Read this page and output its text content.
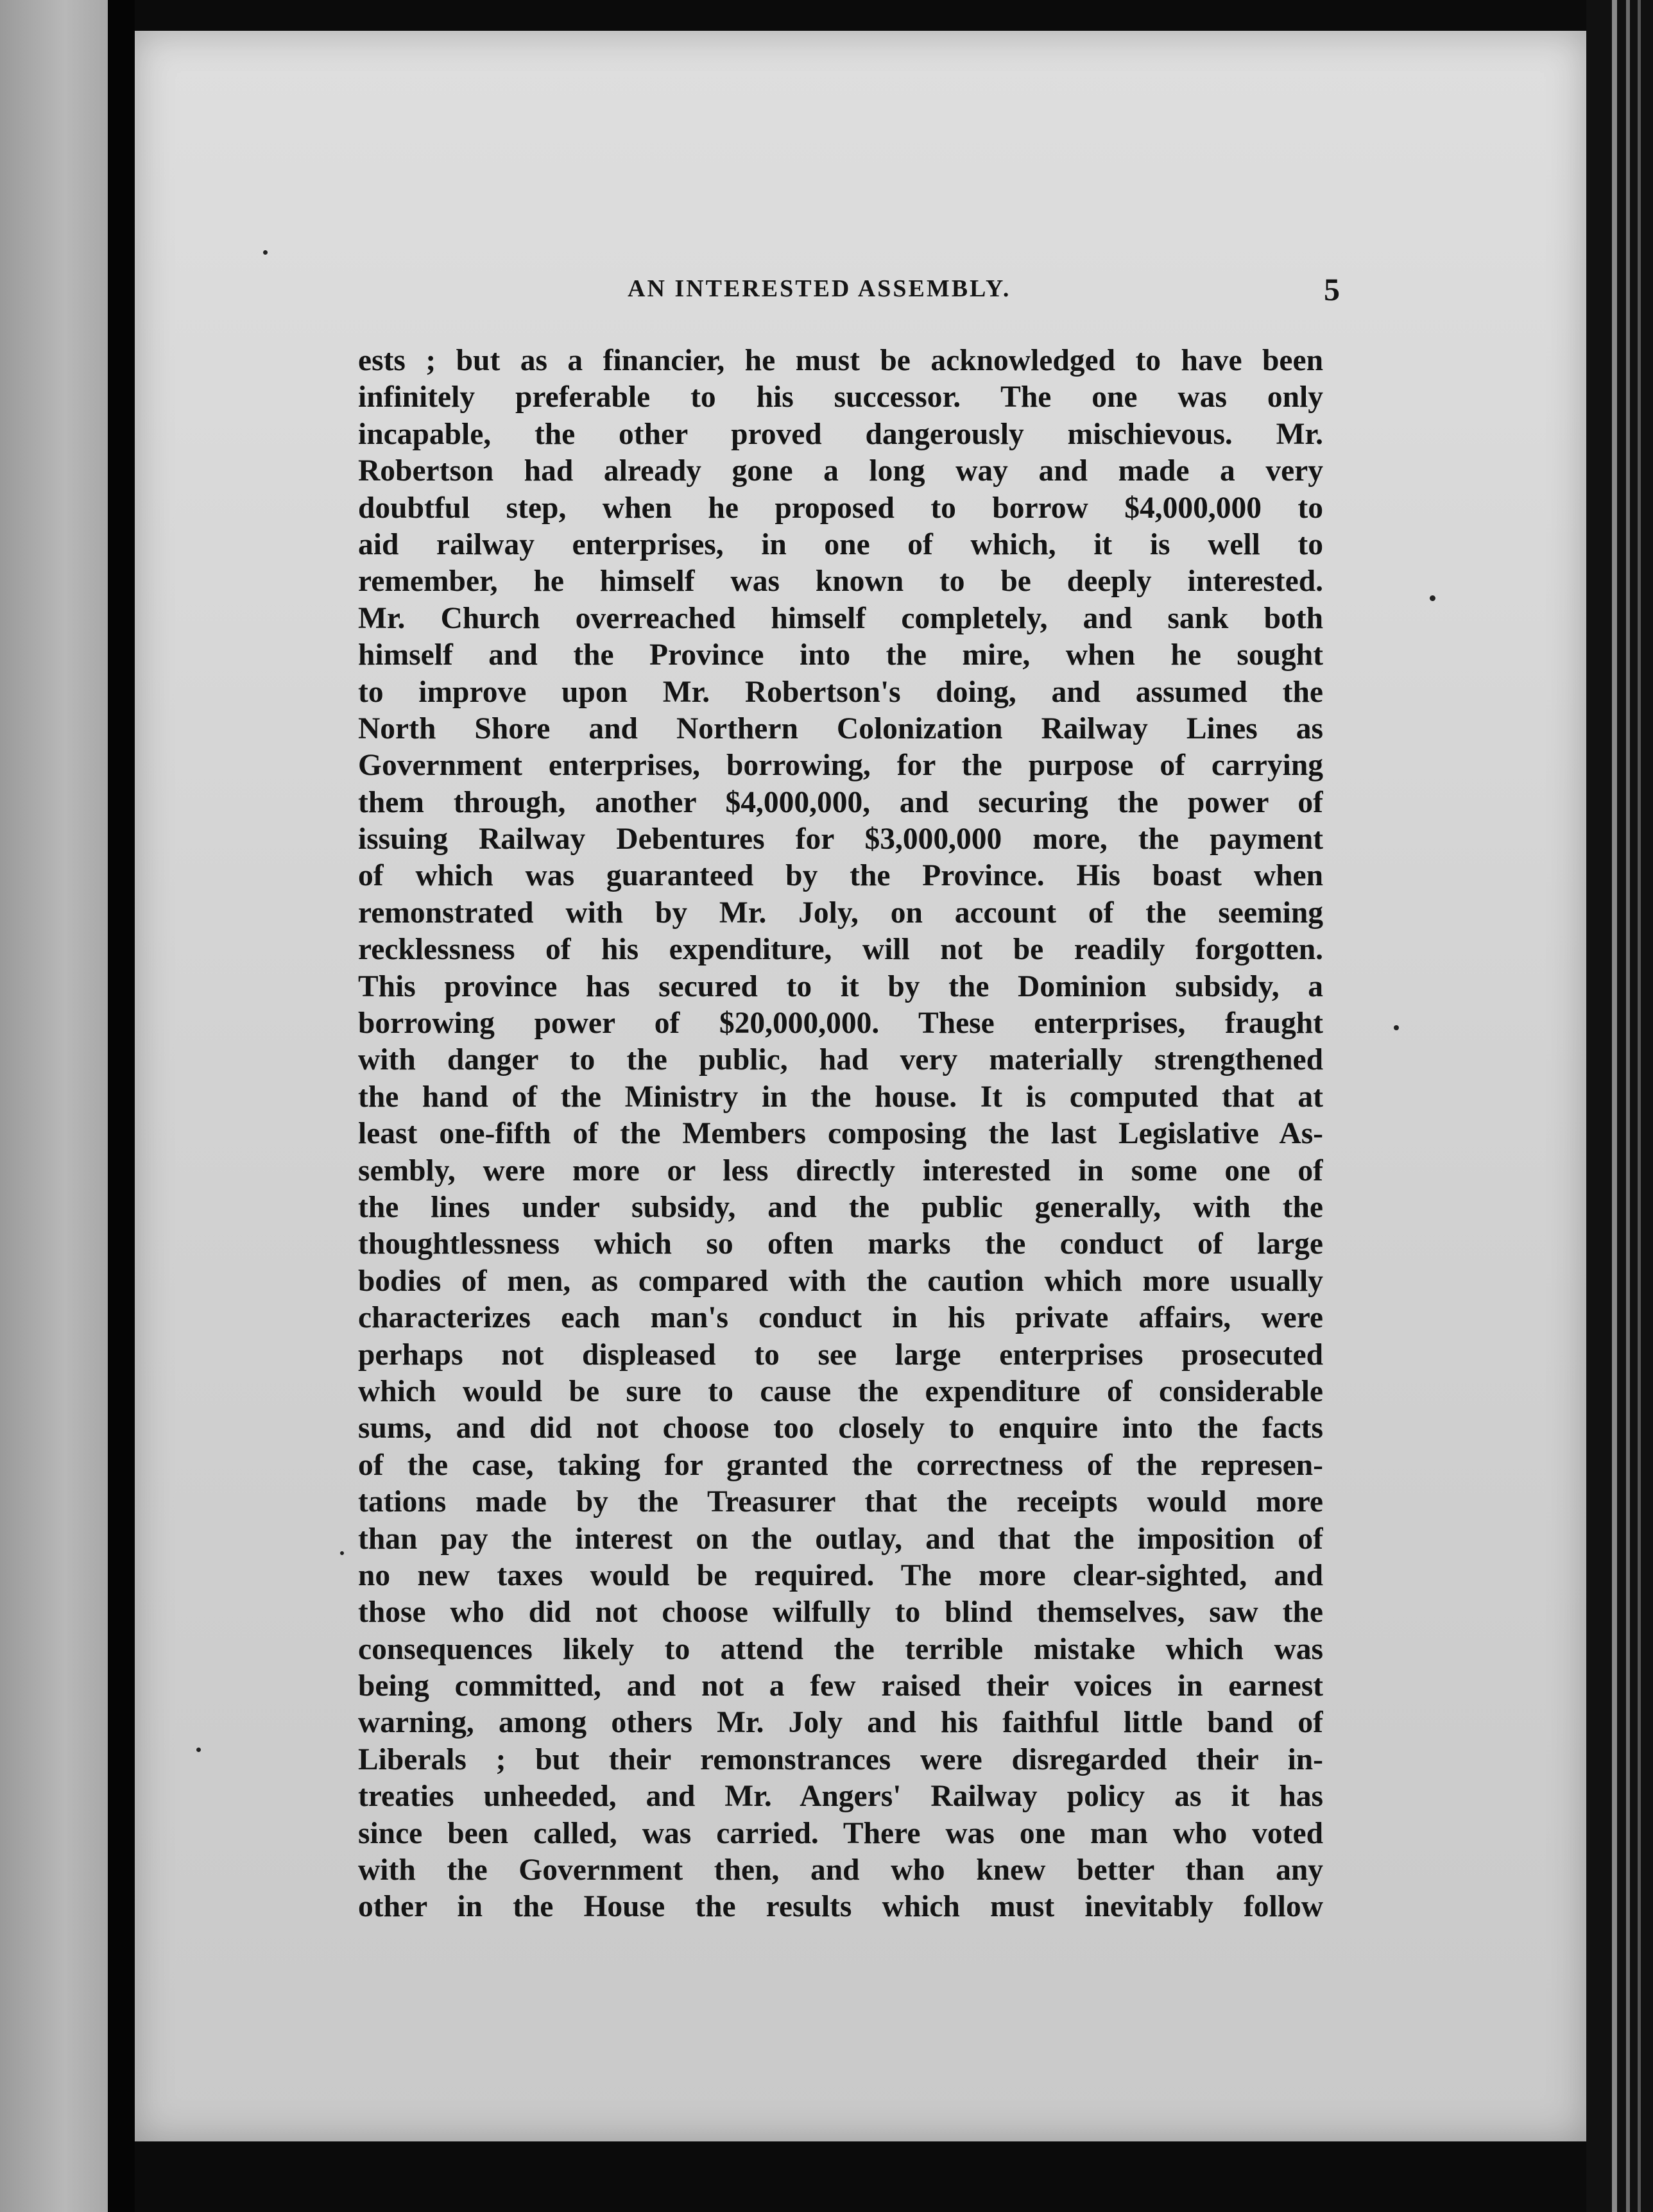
AN INTERESTED ASSEMBLY.	5
ests ; but as a financier, he must be acknowledged to have been
infinitely preferable to his successor. The one was only
incapable, the other proved dangerously mischievous. Mr.
Robertson had already gone a long way and made a very
doubtful step, when he proposed to borrow $4,000,000 to
aid railway enterprises, in one of which, it is well to
remember, he himself was known to be deeply interested.
Mr. Church overreached himself completely, and sank both
himself and the Province into the mire, when he sought
to improve upon Mr. Robertson's doing, and assumed the
North Shore and Northern Colonization Railway Lines as
Government enterprises, borrowing, for the purpose of carrying
them through, another $4,000,000, and securing the power of
issuing Railway Debentures for $3,000,000 more, the payment
of which was guaranteed by the Province. His boast when
remonstrated with by Mr. Joly, on account of the seeming
recklessness of his expenditure, will not be readily forgotten.
This province has secured to it by the Dominion subsidy, a
borrowing power of $20,000,000. These enterprises, fraught
with danger to the public, had very materially strengthened
the hand of the Ministry in the house. It is computed that at
least one-fifth of the Members composing the last Legislative As-
sembly, were more or less directly interested in some one of
the lines under subsidy, and the public generally, with the
thoughtlessness which so often marks the conduct of large
bodies of men, as compared with the caution which more usually
characterizes each man's conduct in his private affairs, were
perhaps not displeased to see large enterprises prosecuted
which would be sure to cause the expenditure of considerable
sums, and did not choose too closely to enquire into the facts
of the case, taking for granted the correctness of the represen-
tations made by the Treasurer that the receipts would more
than pay the interest on the outlay, and that the imposition of
no new taxes would be required. The more clear-sighted, and
those who did not choose wilfully to blind themselves, saw the
consequences likely to attend the terrible mistake which was
being committed, and not a few raised their voices in earnest
warning, among others Mr. Joly and his faithful little band of
Liberals ; but their remonstrances were disregarded their in-
treaties unheeded, and Mr. Angers' Railway policy as it has
since been called, was carried. There was one man who voted
with the Government then, and who knew better than any
other in the House the results which must inevitably follow
